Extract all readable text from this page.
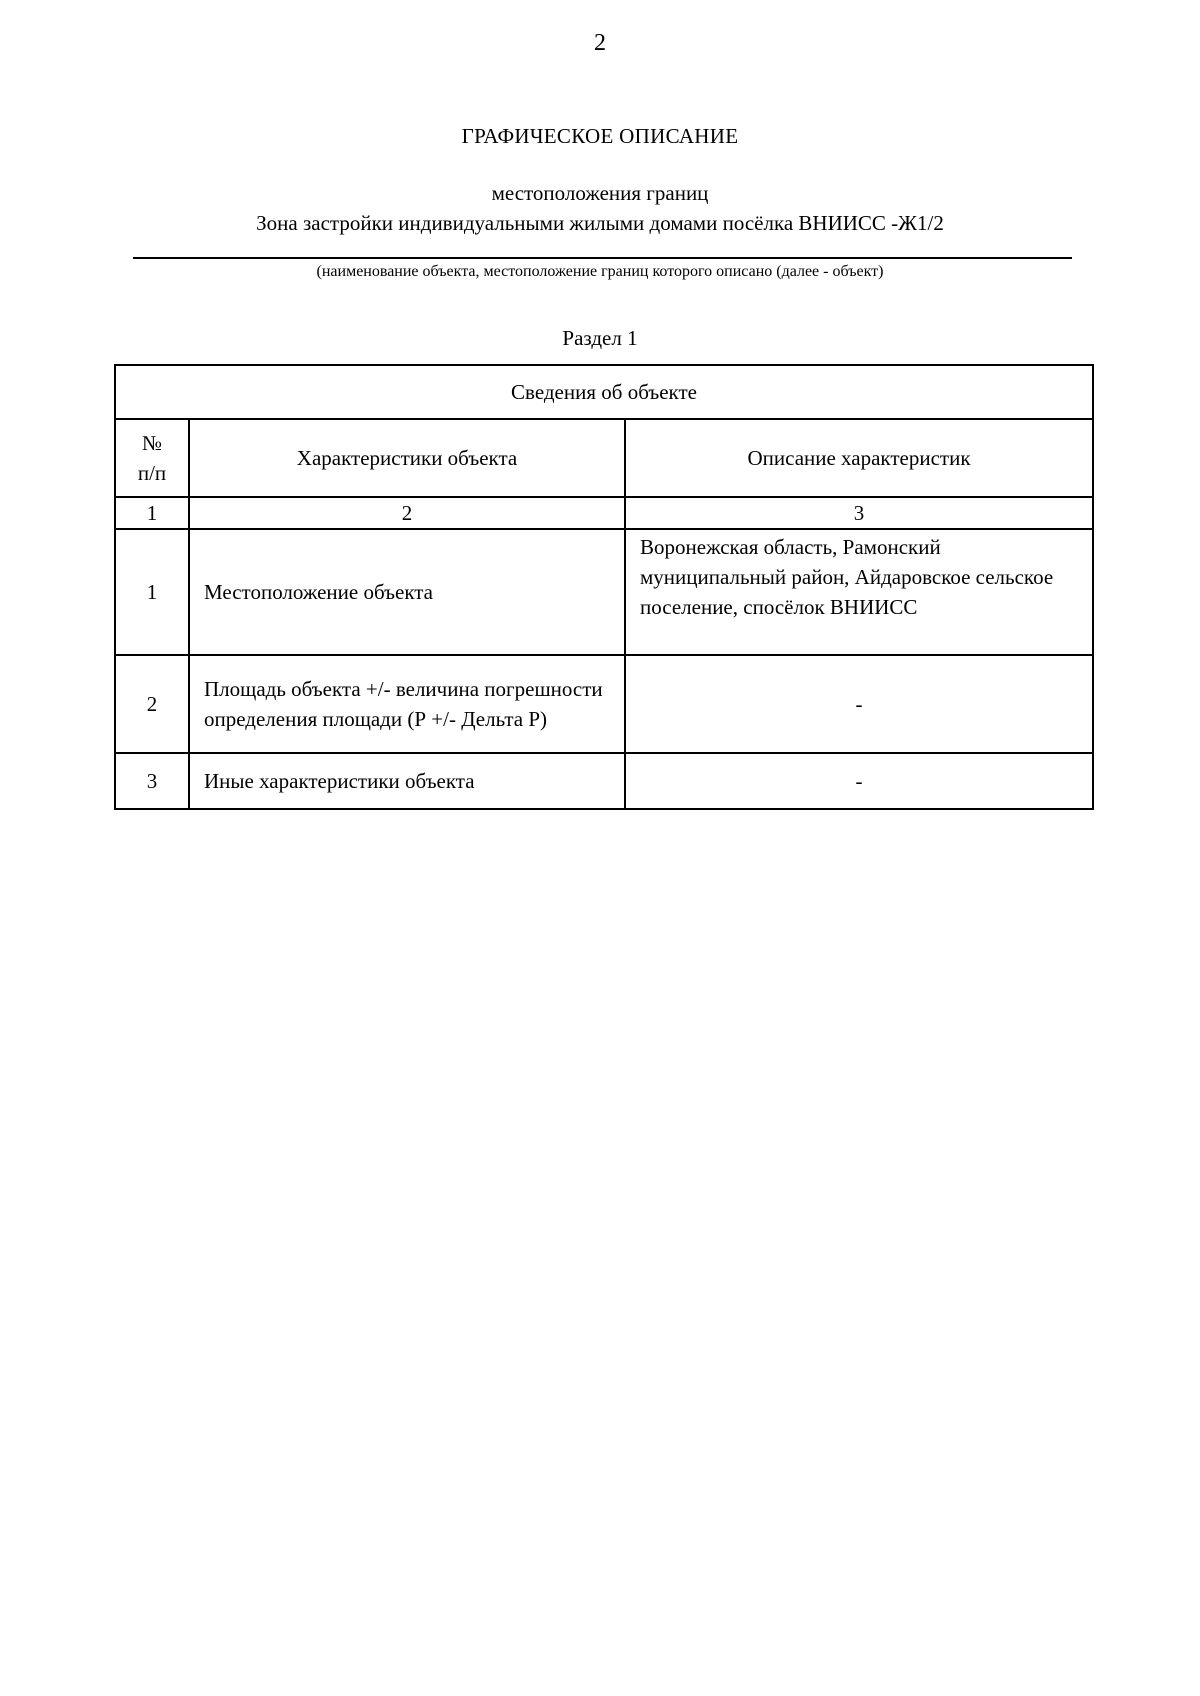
2
ГРАФИЧЕСКОЕ ОПИСАНИЕ
местоположения границ
Зона застройки индивидуальными жилыми домами посёлка ВНИИСС -Ж1/2
(наименование объекта, местоположение границ которого описано (далее - объект)
Раздел 1
Сведения об объекте		

№
п/п	Характеристики объекта	Описание характеристик
1	2	3
1	Местоположение объекта	Воронежская область, Рамонский муниципальный район, Айдаровское сельское поселение, спосёлок ВНИИСС
2	Площадь объекта +/- величина погрешности определения площади (Р +/- Дельта Р)	-
3	Иные характеристики объекта	-
